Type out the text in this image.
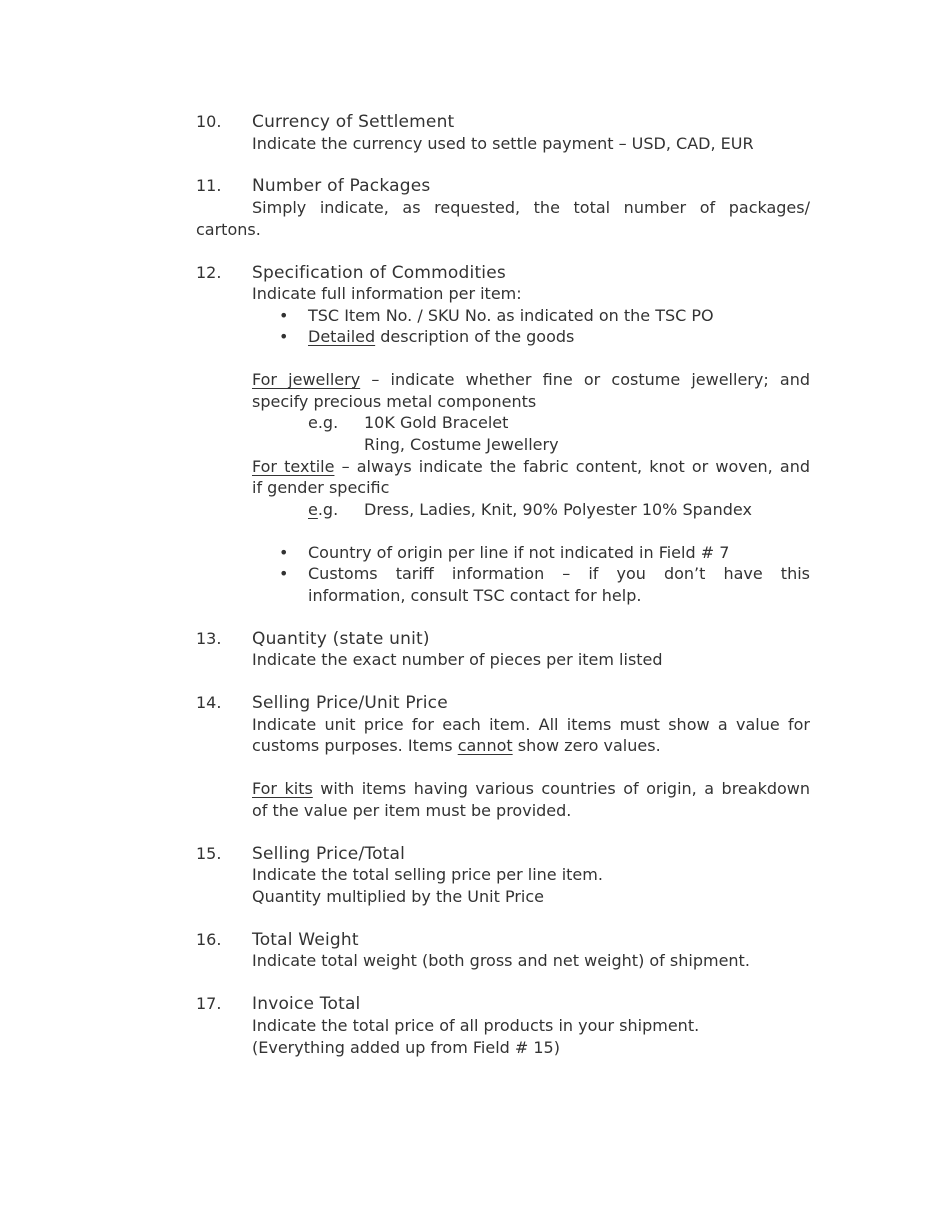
10. Currency of Settlement
Indicate the currency used to settle payment – USD, CAD, EUR
11. Number of Packages
Simply indicate, as requested, the total number of packages/
cartons.
12. Specification of Commodities
Indicate full information per item:
• TSC Item No. / SKU No. as indicated on the TSC PO
• Detailed description of the goods
For jewellery – indicate whether fine or costume jewellery; and
specify precious metal components
e.g. 10K Gold Bracelet
Ring, Costume Jewellery
For textile – always indicate the fabric content, knot or woven, and
if gender specific
e.g. Dress, Ladies, Knit, 90% Polyester 10% Spandex
• Country of origin per line if not indicated in Field # 7
• Customs tariff information – if you don’t have this
information, consult TSC contact for help.
13. Quantity (state unit)
Indicate the exact number of pieces per item listed
14. Selling Price/Unit Price
Indicate unit price for each item. All items must show a value for
customs purposes. Items cannot show zero values.
For kits with items having various countries of origin, a breakdown
of the value per item must be provided.
15. Selling Price/Total
Indicate the total selling price per line item.
Quantity multiplied by the Unit Price
16. Total Weight
Indicate total weight (both gross and net weight) of shipment.
17. Invoice Total
Indicate the total price of all products in your shipment.
(Everything added up from Field # 15)
